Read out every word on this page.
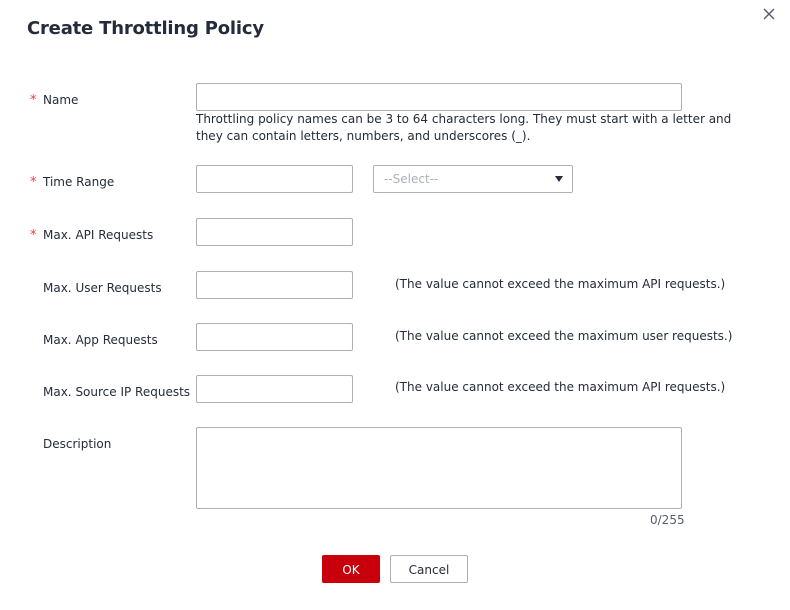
Create Throttling Policy
* Name
Throttling policy names can be 3 to 64 characters long. They must start with a letter and they can contain letters, numbers, and underscores (_).
* Time Range	--Select--
* Max. API Requests
Max. User Requests	(The value cannot exceed the maximum API requests.)
Max. App Requests	(The value cannot exceed the maximum user requests.)
Max. Source IP Requests	(The value cannot exceed the maximum API requests.)
Description
0/255
OK	Cancel
